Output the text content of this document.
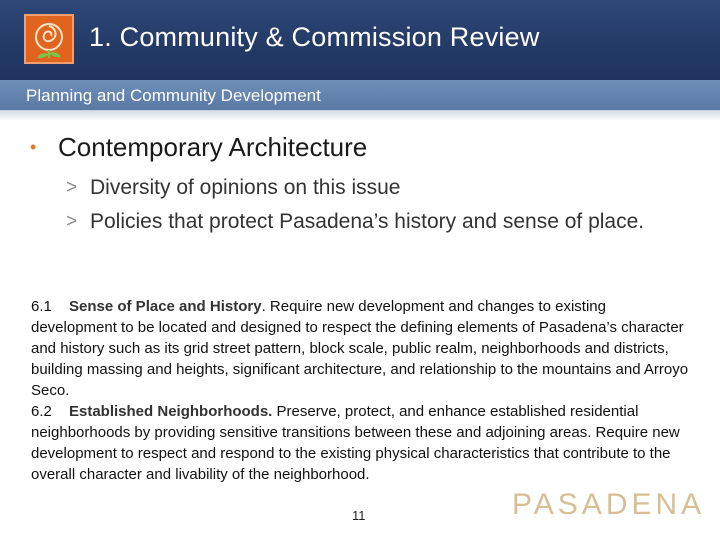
1. Community & Commission Review
Planning and Community Development
• Contemporary Architecture
> Diversity of opinions on this issue
> Policies that protect Pasadena’s history and sense of place.

6.1 Sense of Place and History. Require new development and changes to existing development to be located and designed to respect the defining elements of Pasadena’s character and history such as its grid street pattern, block scale, public realm, neighborhoods and districts, building massing and heights, significant architecture, and relationship to the mountains and Arroyo Seco.

6.2 Established Neighborhoods. Preserve, protect, and enhance established residential neighborhoods by providing sensitive transitions between these and adjoining areas. Require new development to respect and respond to the existing physical characteristics that contribute to the overall character and livability of the neighborhood.

11	PASADENA
